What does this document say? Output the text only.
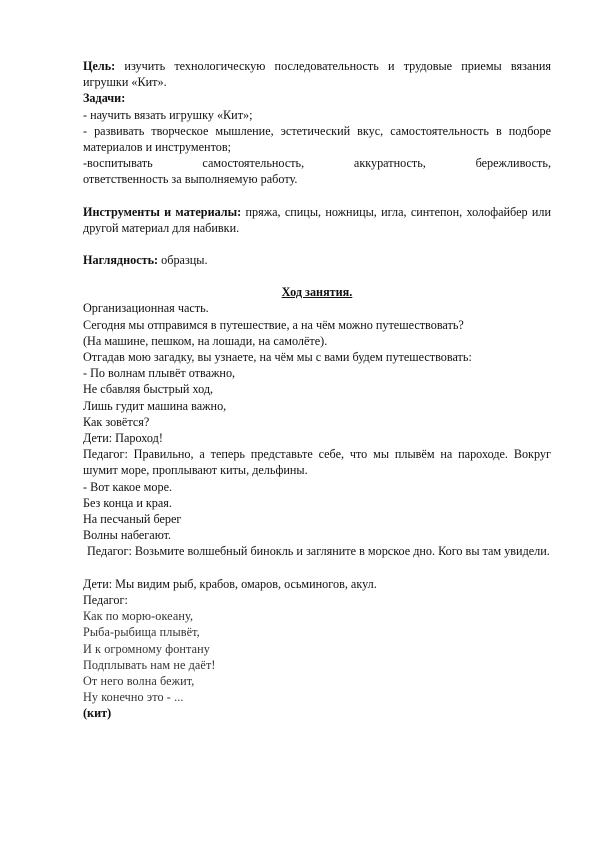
Цель: изучить технологическую последовательность и трудовые приемы вязания игрушки «Кит».

Задачи:

- научить вязать игрушку «Кит»;

- развивать творческое мышление, эстетический вкус, самостоятельность в подборе материалов и инструментов;

-воспитывать самостоятельность, аккуратность, бережливость,

ответственность за выполняемую работу.

Инструменты и материалы: пряжа, спицы, ножницы, игла, синтепон, холофайбер или другой материал для набивки.

Наглядность: образцы.

Ход занятия.

Организационная часть.

Сегодня мы отправимся в путешествие, а на чём можно путешествовать?

(На машине, пешком, на лошади, на самолёте).

Отгадав мою загадку, вы узнаете, на чём мы с вами будем путешествовать:

- По волнам плывёт отважно,

Не сбавляя быстрый ход,

Лишь гудит машина важно,

Как зовётся?

Дети: Пароход!

Педагог: Правильно, а теперь представьте себе, что мы плывём на пароходе. Вокруг шумит море, проплывают киты, дельфины.

- Вот какое море.

Без конца и края.

На песчаный берег

Волны набегают.

Педагог: Возьмите волшебный бинокль и загляните в морское дно. Кого вы там увидели.

Дети: Мы видим рыб, крабов, омаров, осьминогов, акул.

Педагог:

Как по морю-океану,

Рыба-рыбища плывёт,

И к огромному фонтану

Подплывать нам не даёт!

От него волна бежит,

Ну конечно это - ...

(кит)
